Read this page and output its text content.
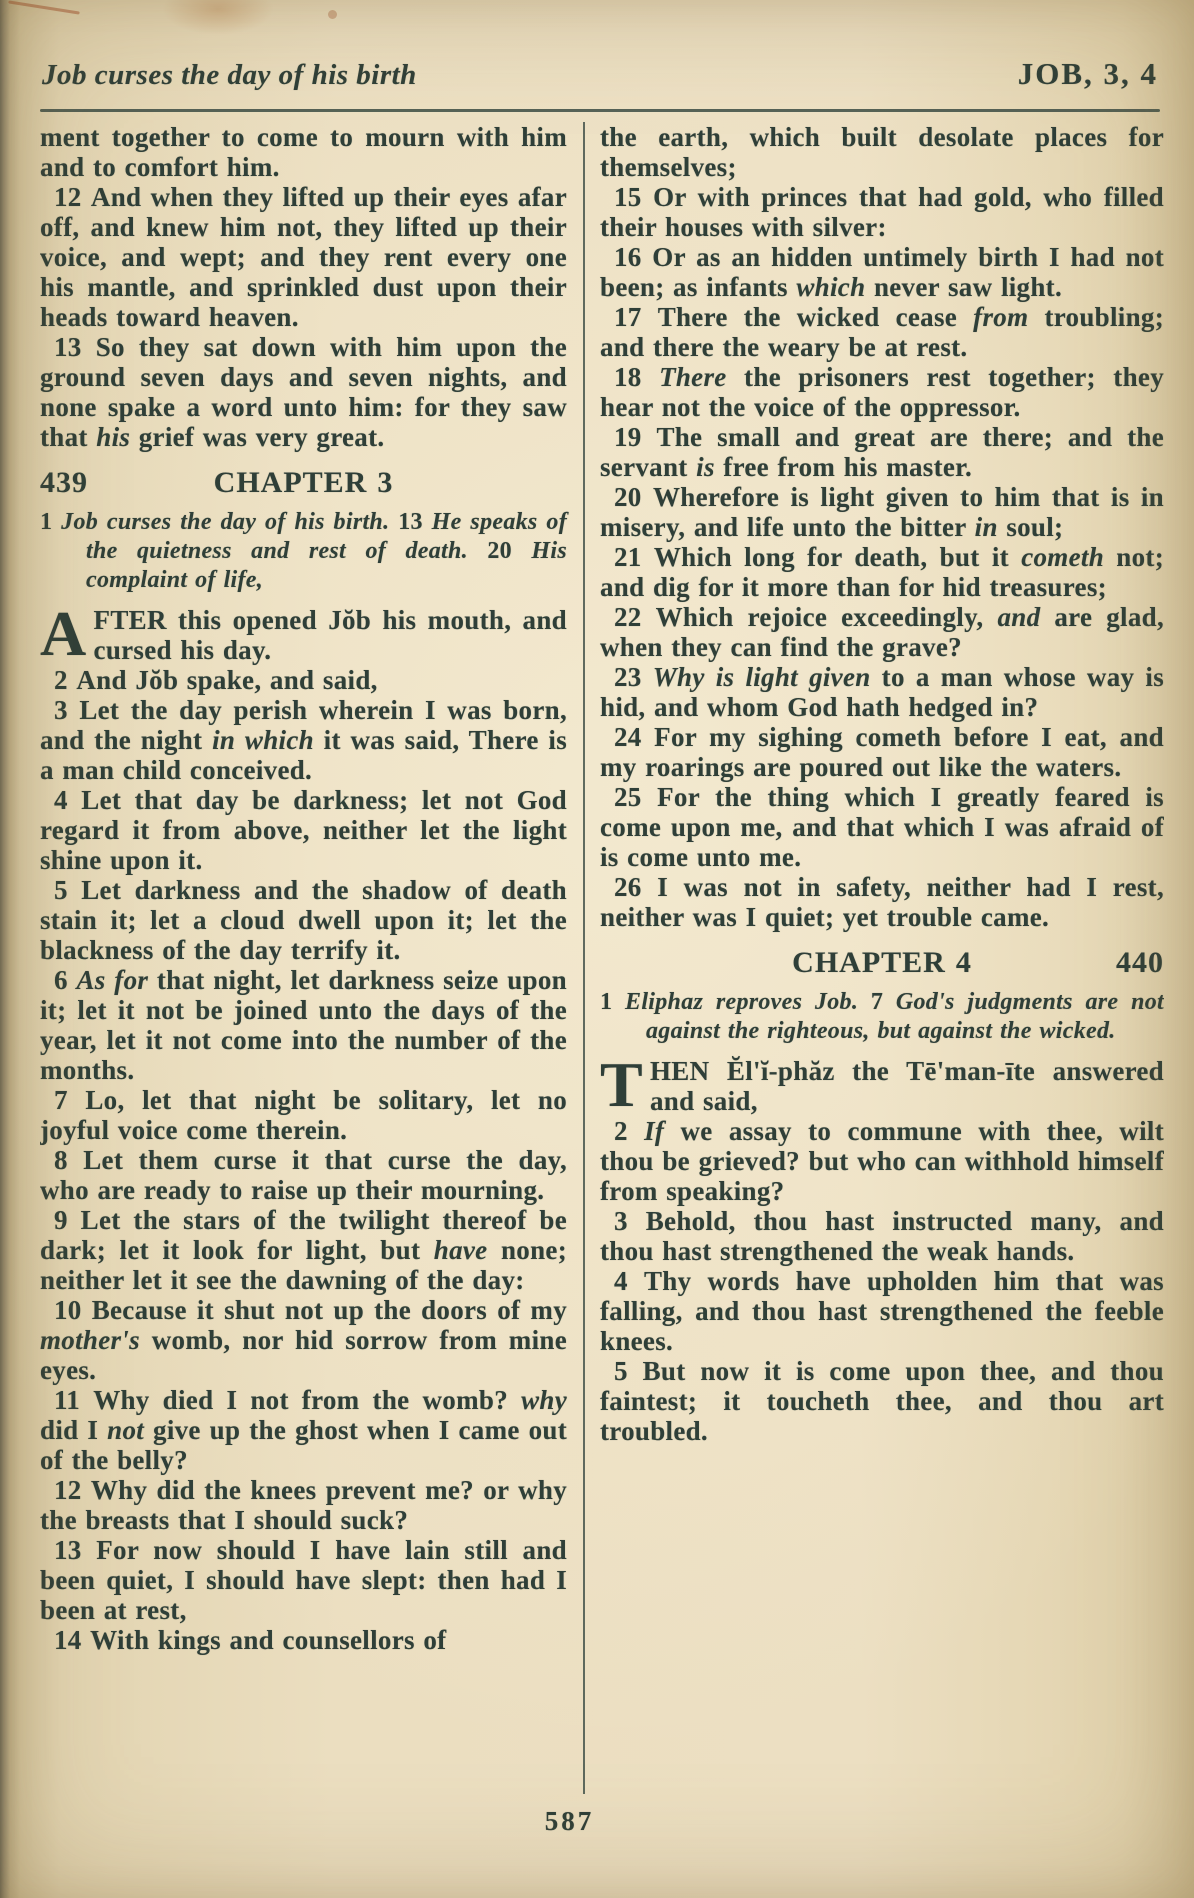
Job curses the day of his birth	JOB, 3, 4

ment together to come to mourn with him and to comfort him.

12 And when they lifted up their eyes afar off, and knew him not, they lifted up their voice, and wept; and they rent every one his mantle, and sprinkled dust upon their heads toward heaven.

13 So they sat down with him upon the ground seven days and seven nights, and none spake a word unto him: for they saw that his grief was very great.

439	CHAPTER 3

1 Job curses the day of his birth. 13 He speaks of the quietness and rest of death. 20 His complaint of life,

AFTER this opened Jŏb his mouth, and cursed his day.

2 And Jŏb spake, and said,

3 Let the day perish wherein I was born, and the night in which it was said, There is a man child conceived.

4 Let that day be darkness; let not God regard it from above, neither let the light shine upon it.

5 Let darkness and the shadow of death stain it; let a cloud dwell upon it; let the blackness of the day terrify it.

6 As for that night, let darkness seize upon it; let it not be joined unto the days of the year, let it not come into the number of the months.

7 Lo, let that night be solitary, let no joyful voice come therein.

8 Let them curse it that curse the day, who are ready to raise up their mourning.

9 Let the stars of the twilight thereof be dark; let it look for light, but have none; neither let it see the dawning of the day:

10 Because it shut not up the doors of my mother's womb, nor hid sorrow from mine eyes.

11 Why died I not from the womb? why did I not give up the ghost when I came out of the belly?

12 Why did the knees prevent me? or why the breasts that I should suck?

13 For now should I have lain still and been quiet, I should have slept: then had I been at rest,

14 With kings and counsellors of

the earth, which built desolate places for themselves;

15 Or with princes that had gold, who filled their houses with silver:

16 Or as an hidden untimely birth I had not been; as infants which never saw light.

17 There the wicked cease from troubling; and there the weary be at rest.

18 There the prisoners rest together; they hear not the voice of the oppressor.

19 The small and great are there; and the servant is free from his master.

20 Wherefore is light given to him that is in misery, and life unto the bitter in soul;

21 Which long for death, but it cometh not; and dig for it more than for hid treasures;

22 Which rejoice exceedingly, and are glad, when they can find the grave?

23 Why is light given to a man whose way is hid, and whom God hath hedged in?

24 For my sighing cometh before I eat, and my roarings are poured out like the waters.

25 For the thing which I greatly feared is come upon me, and that which I was afraid of is come unto me.

26 I was not in safety, neither had I rest, neither was I quiet; yet trouble came.

CHAPTER 4	440

1 Eliphaz reproves Job. 7 God's judgments are not against the righteous, but against the wicked.

THEN Ĕl'ĭ-phăz the Tē'man-īte answered and said,

2 If we assay to commune with thee, wilt thou be grieved? but who can withhold himself from speaking?

3 Behold, thou hast instructed many, and thou hast strengthened the weak hands.

4 Thy words have upholden him that was falling, and thou hast strengthened the feeble knees.

5 But now it is come upon thee, and thou faintest; it toucheth thee, and thou art troubled.

587
